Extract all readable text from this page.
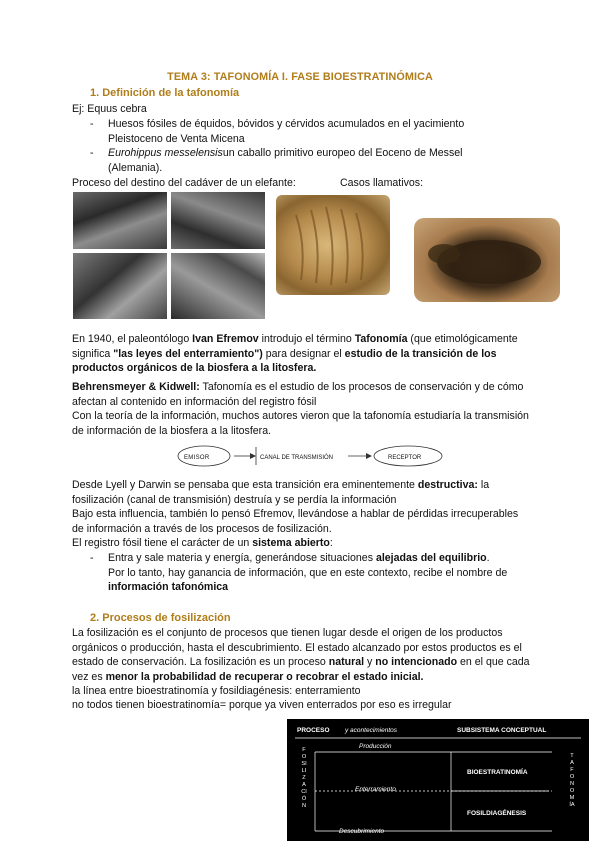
TEMA 3: TAFONOMÍA I. FASE BIOESTRATINÓMICA
1. Definición de la tafonomía
Ej: Equus cebra
- Huesos fósiles de équidos, bóvidos y cérvidos acumulados en el yacimiento Pleistoceno de Venta Micena
- Eurohippus messelensisun caballo primitivo europeo del Eoceno de Messel (Alemania).
Proceso del destino del cadáver de un elefante:	Casos llamativos:
En 1940, el paleontólogo Ivan Efremov introdujo el término Tafonomía (que etimológicamente significa "las leyes del enterramiento") para designar el estudio de la transición de los productos orgánicos de la biosfera a la litosfera.
Behrensmeyer & Kidwell: Tafonomía es el estudio de los procesos de conservación y de cómo afectan al contenido en información del registro fósil
Con la teoría de la información, muchos autores vieron que la tafonomía estudiaría la transmisión de información de la biosfera a la litosfera.
EMISOR	CANAL DE TRANSMISIÓN	RECEPTOR
Desde Lyell y Darwin se pensaba que esta transición era eminentemente destructiva: la fosilización (canal de transmisión) destruía y se perdía la información
Bajo esta influencia, también lo pensó Efremov, llevándose a hablar de pérdidas irrecuperables de información a través de los procesos de fosilización.
El registro fósil tiene el carácter de un sistema abierto:
- Entra y sale materia y energía, generándose situaciones alejadas del equilibrio.
Por lo tanto, hay ganancia de información, que en este contexto, recibe el nombre de información tafonómica
2. Procesos de fosilización
La fosilización es el conjunto de procesos que tienen lugar desde el origen de los productos orgánicos o producción, hasta el descubrimiento. El estado alcanzado por estos productos es el estado de conservación. La fosilización es un proceso natural y no intencionado en el que cada vez es menor la probabilidad de recuperar o recobrar el estado inicial.
la línea entre bioestratinomía y fosildiagénesis: enterramiento
no todos tienen bioestratinomía= porque ya viven enterrados por eso es irregular
PROCESO y acontecimientos	SUBSISTEMA CONCEPTUAL
FOSILIZACIÓN
TAFONOMÍA
Producción
Enterramiento
Descubrimiento
BIOESTRATINOMÍA
FOSILDIAGÉNESIS
